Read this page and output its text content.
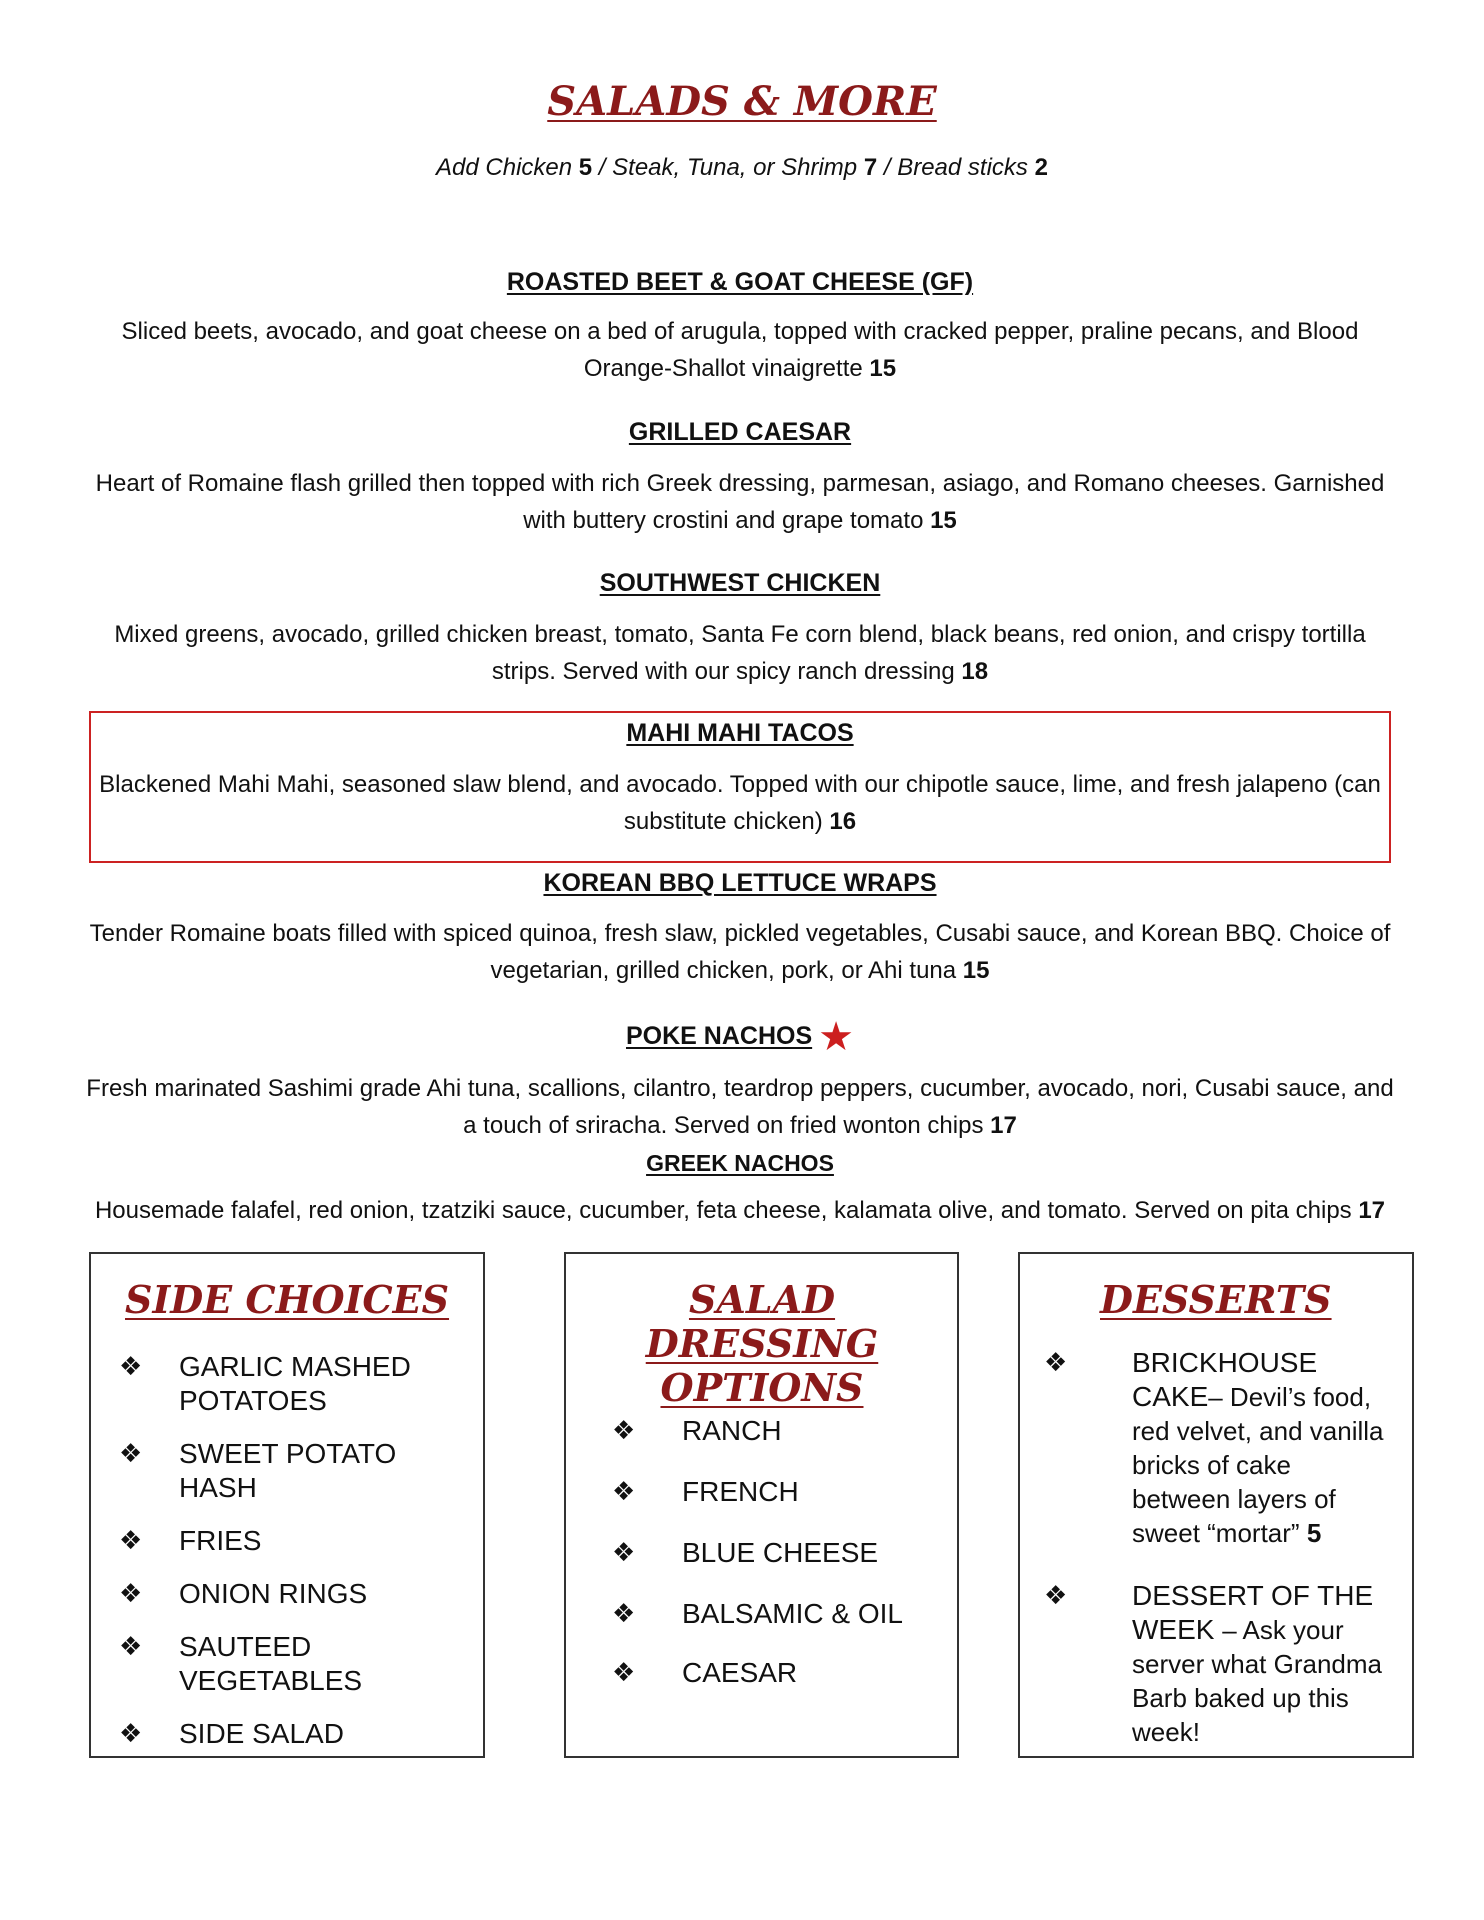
SALADS & MORE
Add Chicken 5 / Steak, Tuna, or Shrimp 7 / Bread sticks 2

ROASTED BEET & GOAT CHEESE (GF)

Sliced beets, avocado, and goat cheese on a bed of arugula, topped with cracked pepper, praline pecans, and Blood Orange-Shallot vinaigrette 15

GRILLED CAESAR

Heart of Romaine flash grilled then topped with rich Greek dressing, parmesan, asiago, and Romano cheeses. Garnished with buttery crostini and grape tomato 15

SOUTHWEST CHICKEN

Mixed greens, avocado, grilled chicken breast, tomato, Santa Fe corn blend, black beans, red onion, and crispy tortilla strips. Served with our spicy ranch dressing 18

MAHI MAHI TACOS

Blackened Mahi Mahi, seasoned slaw blend, and avocado. Topped with our chipotle sauce, lime, and fresh jalapeno (can substitute chicken) 16

KOREAN BBQ LETTUCE WRAPS

Tender Romaine boats filled with spiced quinoa, fresh slaw, pickled vegetables, Cusabi sauce, and Korean BBQ. Choice of vegetarian, grilled chicken, pork, or Ahi tuna 15

POKE NACHOS ★

Fresh marinated Sashimi grade Ahi tuna, scallions, cilantro, teardrop peppers, cucumber, avocado, nori, Cusabi sauce, and a touch of sriracha. Served on fried wonton chips 17

GREEK NACHOS

Housemade falafel, red onion, tzatziki sauce, cucumber, feta cheese, kalamata olive, and tomato. Served on pita chips 17

SIDE CHOICES
❖ GARLIC MASHED POTATOES
❖ SWEET POTATO HASH
❖ FRIES
❖ ONION RINGS
❖ SAUTEED VEGETABLES
❖ SIDE SALAD
SALAD DRESSING OPTIONS
❖ RANCH
❖ FRENCH
❖ BLUE CHEESE
❖ BALSAMIC & OIL
❖ CAESAR
DESSERTS
❖ BRICKHOUSE CAKE– Devil’s food, red velvet, and vanilla bricks of cake between layers of sweet “mortar” 5
❖ DESSERT OF THE WEEK – Ask your server what Grandma Barb baked up this week!
